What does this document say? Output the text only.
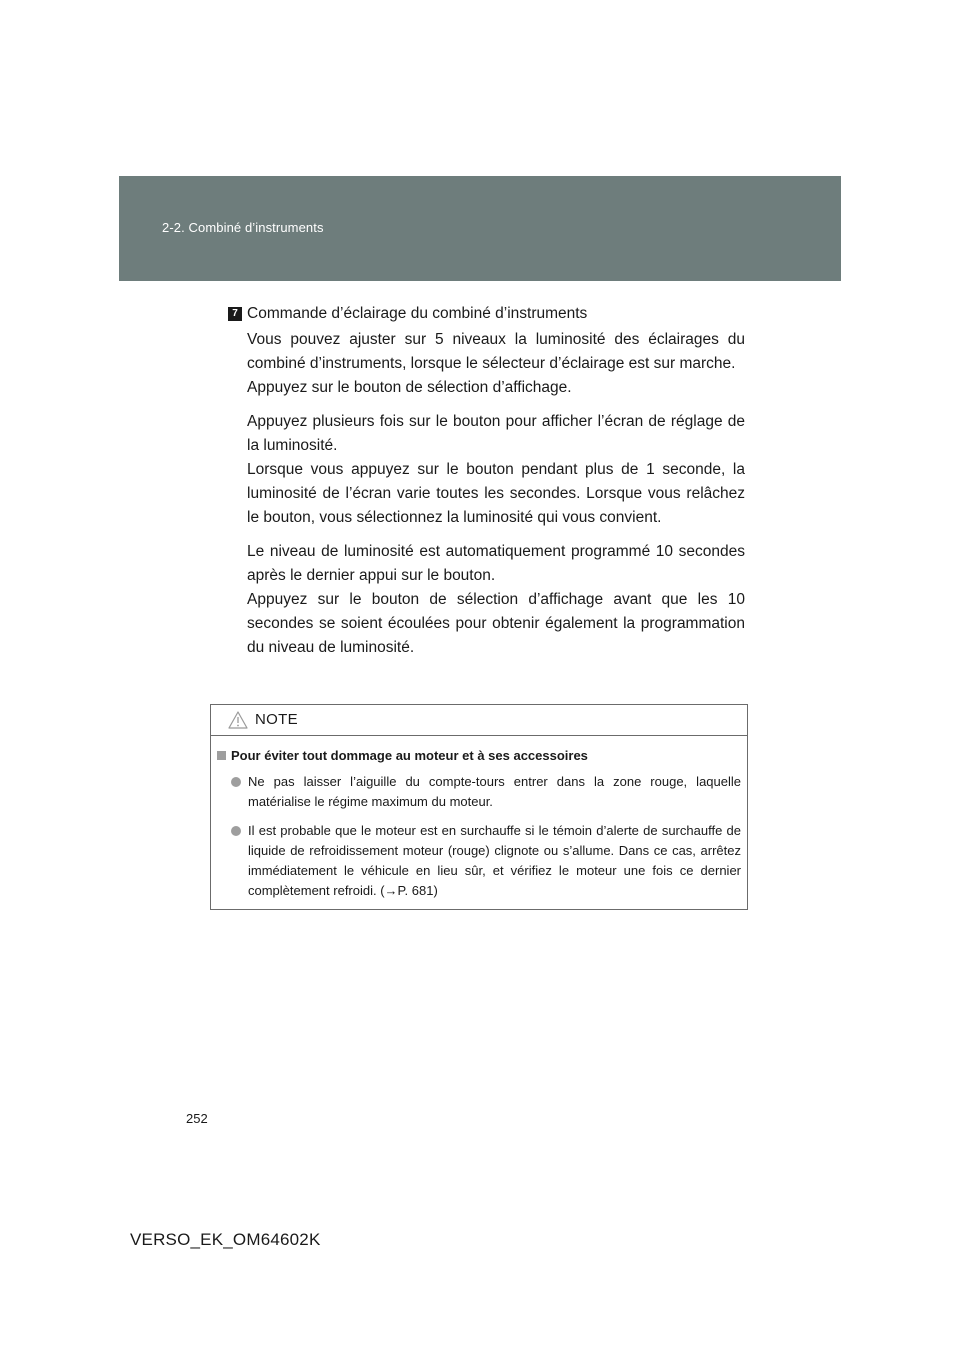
2-2. Combiné d’instruments
7 Commande d’éclairage du combiné d’instruments
Vous pouvez ajuster sur 5 niveaux la luminosité des éclairages du combiné d’instruments, lorsque le sélecteur d’éclairage est sur marche.
Appuyez sur le bouton de sélection d’affichage.
Appuyez plusieurs fois sur le bouton pour afficher l’écran de réglage de la luminosité.
Lorsque vous appuyez sur le bouton pendant plus de 1 seconde, la luminosité de l’écran varie toutes les secondes. Lorsque vous relâchez le bouton, vous sélectionnez la luminosité qui vous convient.
Le niveau de luminosité est automatiquement programmé 10 secondes après le dernier appui sur le bouton.
Appuyez sur le bouton de sélection d’affichage avant que les 10 secondes se soient écoulées pour obtenir également la programmation du niveau de luminosité.
NOTE
Pour éviter tout dommage au moteur et à ses accessoires
Ne pas laisser l’aiguille du compte-tours entrer dans la zone rouge, laquelle matérialise le régime maximum du moteur.
Il est probable que le moteur est en surchauffe si le témoin d’alerte de surchauffe de liquide de refroidissement moteur (rouge) clignote ou s’allume. Dans ce cas, arrêtez immédiatement le véhicule en lieu sûr, et vérifiez le moteur une fois ce dernier complètement refroidi. (→P. 681)
252
VERSO_EK_OM64602K
